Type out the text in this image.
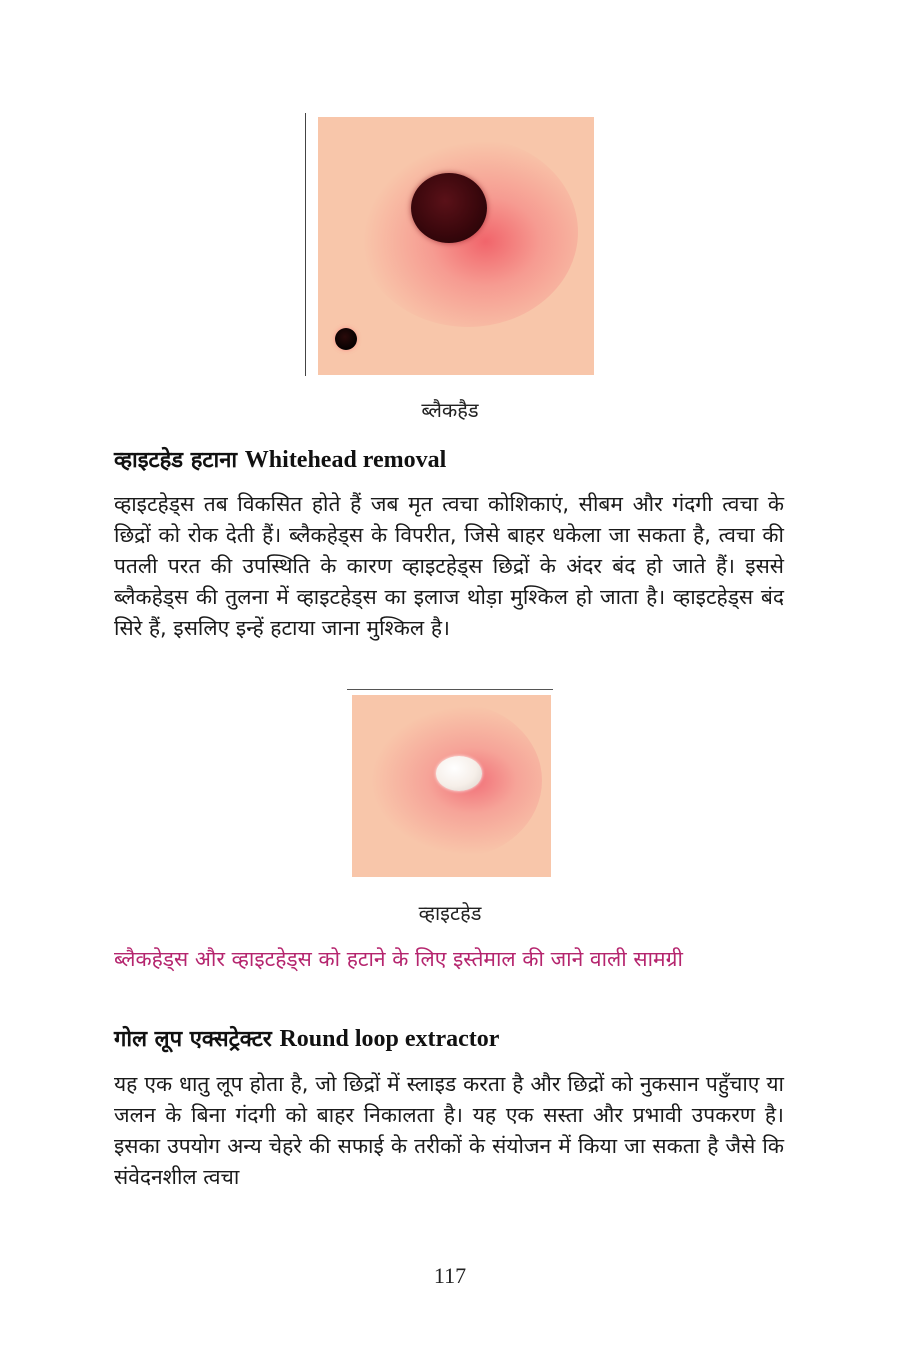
ब्लैकहैड
व्हाइटहेड हटाना Whitehead removal
व्हाइटहेड्स तब विकसित होते हैं जब मृत त्वचा कोशिकाएं, सीबम और गंदगी त्वचा के छिद्रों को रोक देती हैं। ब्लैकहेड्स के विपरीत, जिसे बाहर धकेला जा सकता है, त्वचा की पतली परत की उपस्थिति के कारण व्हाइटहेड्स छिद्रों के अंदर बंद हो जाते हैं। इससे ब्लैकहेड्स की तुलना में व्हाइटहेड्स का इलाज थोड़ा मुश्किल हो जाता है। व्हाइटहेड्स बंद सिरे हैं, इसलिए इन्हें हटाया जाना मुश्किल है।
व्हाइटहेड
ब्लैकहेड्स और व्हाइटहेड्स को हटाने के लिए इस्तेमाल की जाने वाली सामग्री
गोल लूप एक्सट्रेक्टर Round loop extractor
यह एक धातु लूप होता है, जो छिद्रों में स्लाइड करता है और छिद्रों को नुकसान पहुँचाए या जलन के बिना गंदगी को बाहर निकालता है। यह एक सस्ता और प्रभावी उपकरण है। इसका उपयोग अन्य चेहरे की सफाई के तरीकों के संयोजन में किया जा सकता है जैसे कि संवेदनशील त्वचा
117
